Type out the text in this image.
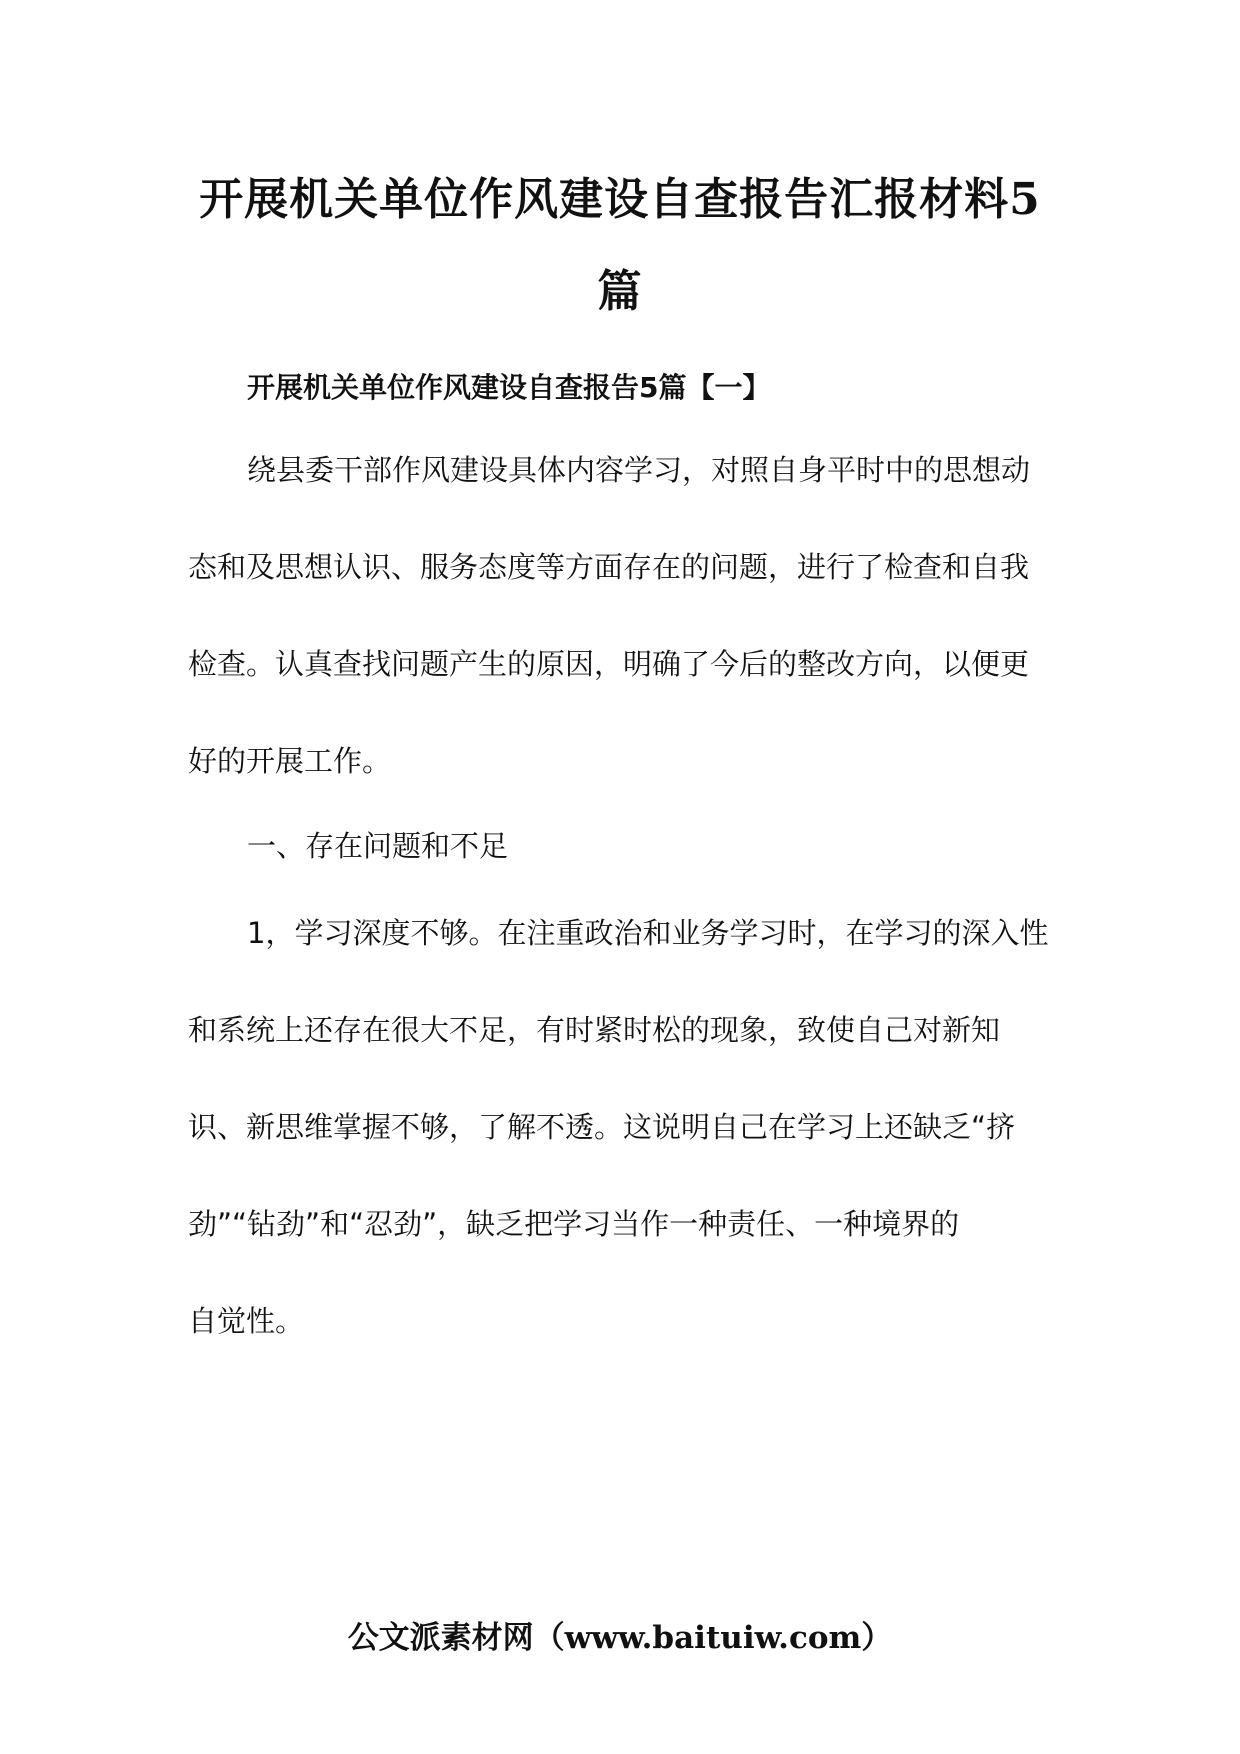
开展机关单位作风建设自查报告汇报材料5
篇
开展机关单位作风建设自查报告5篇【一】
绕县委干部作风建设具体内容学习，对照自身平时中的思想动
态和及思想认识、服务态度等方面存在的问题，进行了检查和自我
检查。认真查找问题产生的原因，明确了今后的整改方向，以便更
好的开展工作。
一、存在问题和不足
1，学习深度不够。在注重政治和业务学习时，在学习的深入性
和系统上还存在很大不足，有时紧时松的现象，致使自己对新知
识、新思维掌握不够，了解不透。这说明自己在学习上还缺乏“挤
劲”“钻劲”和“忍劲”，缺乏把学习当作一种责任、一种境界的
自觉性。
公文派素材网（www.baituiw.com）
